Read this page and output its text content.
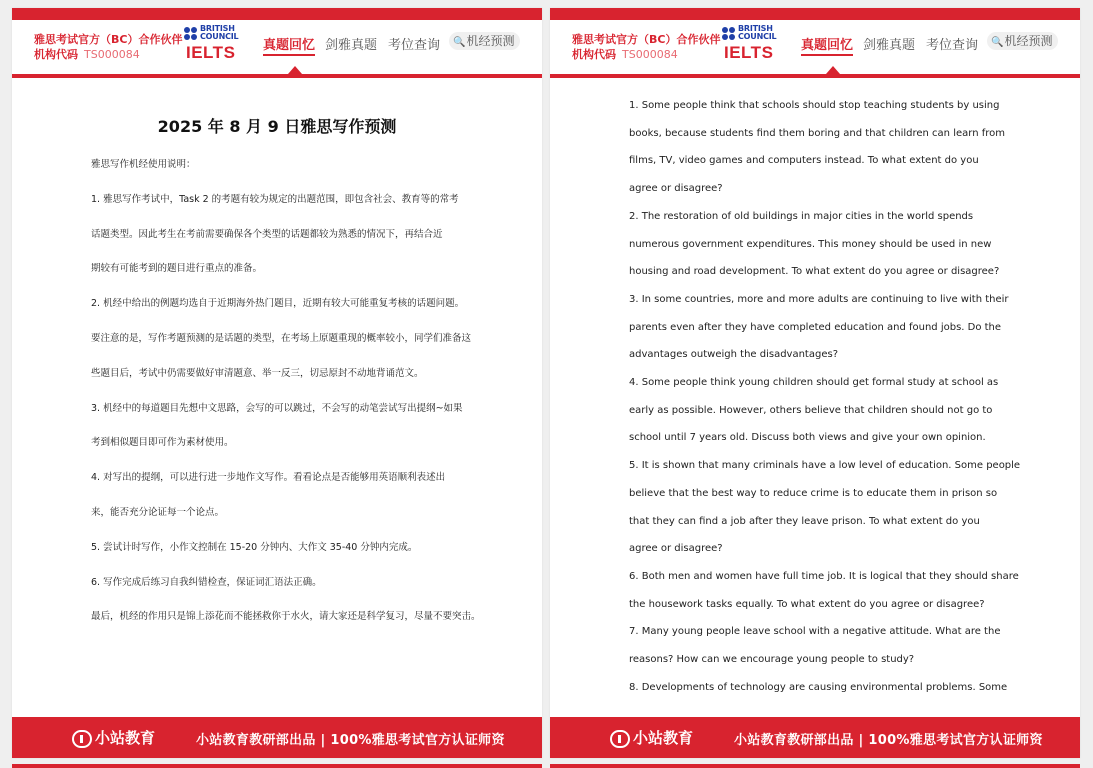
雅思考试官方（BC）合作伙伴
机构代码 TS000084
BRITISH
COUNCIL
IELTS 真题回忆 剑雅真题 考位查询	🔍机经预测
2025 年 8 月 9 日雅思写作预测

雅思写作机经使用说明：

1. 雅思写作考试中，Task 2 的考题有较为规定的出题范围，即包含社会、教育等的常考

话题类型。因此考生在考前需要确保各个类型的话题都较为熟悉的情况下，再结合近

期较有可能考到的题目进行重点的准备。

2. 机经中给出的例题均选自于近期海外热门题目，近期有较大可能重复考核的话题问题。

要注意的是，写作考题预测的是话题的类型，在考场上原题重现的概率较小，同学们准备这

些题目后，考试中仍需要做好审清题意、举一反三，切忌原封不动地背诵范文。

3. 机经中的每道题目先想中文思路，会写的可以跳过，不会写的动笔尝试写出提纲~如果

考到相似题目即可作为素材使用。

4. 对写出的提纲，可以进行进一步地作文写作。看看论点是否能够用英语顺利表述出

来，能否充分论证每一个论点。

5. 尝试计时写作，小作文控制在 15-20 分钟内、大作文 35-40 分钟内完成。

6. 写作完成后练习自我纠错检查，保证词汇语法正确。

最后，机经的作用只是锦上添花而不能拯救你于水火，请大家还是科学复习，尽量不要突击。

小站教育	小站教育教研部出品 | 100%雅思考试官方认证师资
雅思考试官方（BC）合作伙伴
机构代码 TS000084
BRITISH
COUNCIL
IELTS 真题回忆 剑雅真题 考位查询	🔍机经预测

1. Some people think that schools should stop teaching students by using

books, because students find them boring and that children can learn from

films, TV, video games and computers instead. To what extent do you

agree or disagree?

2. The restoration of old buildings in major cities in the world spends

numerous government expenditures. This money should be used in new

housing and road development. To what extent do you agree or disagree?

3. In some countries, more and more adults are continuing to live with their

parents even after they have completed education and found jobs. Do the

advantages outweigh the disadvantages?

4. Some people think young children should get formal study at school as

early as possible. However, others believe that children should not go to

school until 7 years old. Discuss both views and give your own opinion.

5. It is shown that many criminals have a low level of education. Some people

believe that the best way to reduce crime is to educate them in prison so

that they can find a job after they leave prison. To what extent do you

agree or disagree?

6. Both men and women have full time job. It is logical that they should share

the housework tasks equally. To what extent do you agree or disagree?

7. Many young people leave school with a negative attitude. What are the

reasons? How can we encourage young people to study?

8. Developments of technology are causing environmental problems. Some

小站教育	小站教育教研部出品 | 100%雅思考试官方认证师资
